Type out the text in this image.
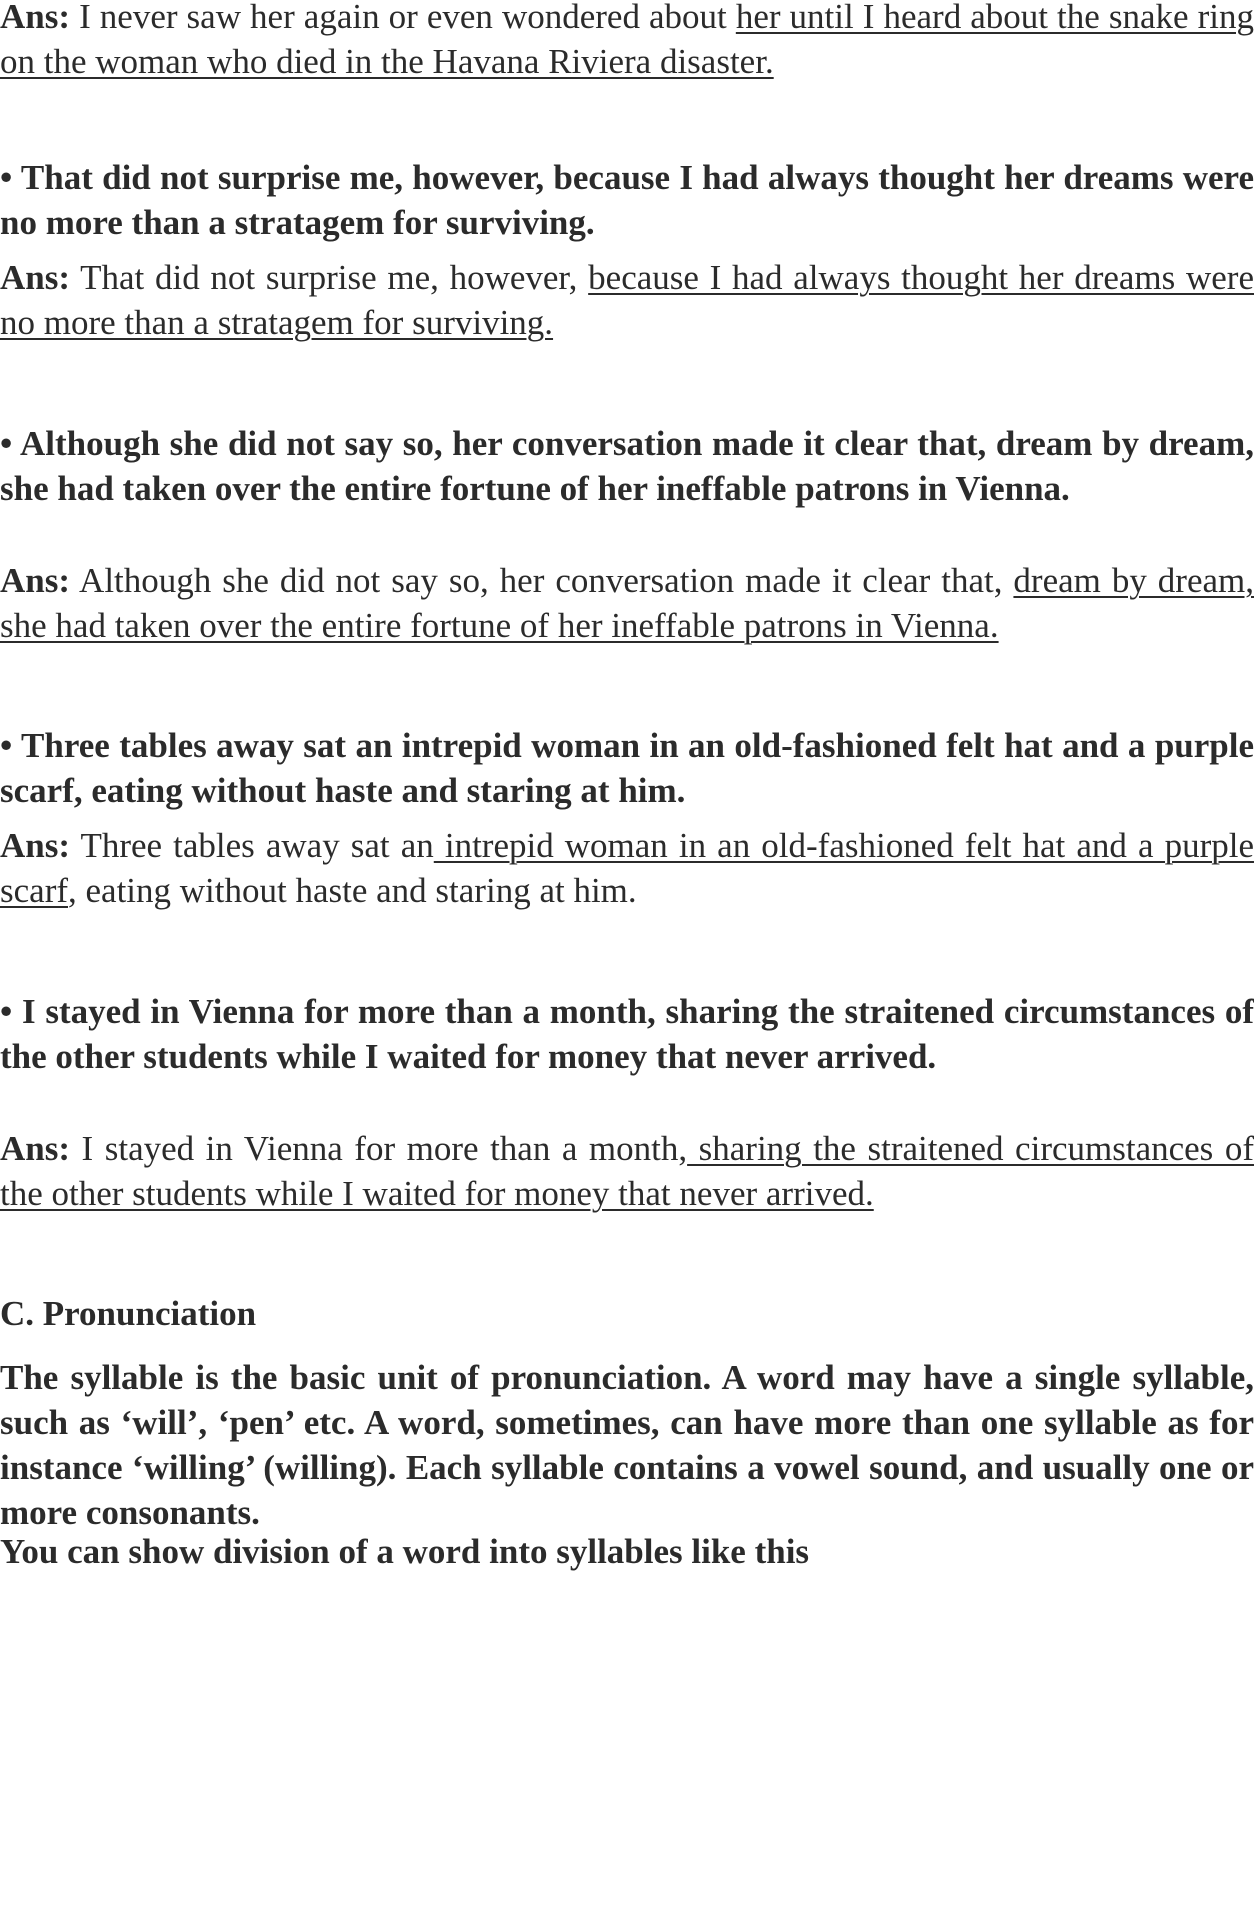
Ans: I never saw her again or even wondered about her until I heard about the snake ring on the woman who died in the Havana Riviera disaster.

• That did not surprise me, however, because I had always thought her dreams were no more than a stratagem for surviving.

Ans: That did not surprise me, however, because I had always thought her dreams were no more than a stratagem for surviving.

• Although she did not say so, her conversation made it clear that, dream by dream, she had taken over the entire fortune of her ineffable patrons in Vienna.

Ans: Although she did not say so, her conversation made it clear that, dream by dream, she had taken over the entire fortune of her ineffable patrons in Vienna.

• Three tables away sat an intrepid woman in an old-fashioned felt hat and a purple scarf, eating without haste and staring at him.

Ans: Three tables away sat an intrepid woman in an old-fashioned felt hat and a purple scarf, eating without haste and staring at him.

• I stayed in Vienna for more than a month, sharing the straitened circumstances of the other students while I waited for money that never arrived.

Ans: I stayed in Vienna for more than a month, sharing the straitened circumstances of the other students while I waited for money that never arrived.

C. Pronunciation

The syllable is the basic unit of pronunciation. A word may have a single syllable, such as ‘will’, ‘pen’ etc. A word, sometimes, can have more than one syllable as for instance ‘willing’ (willing). Each syllable contains a vowel sound, and usually one or more consonants.

You can show division of a word into syllables like this
